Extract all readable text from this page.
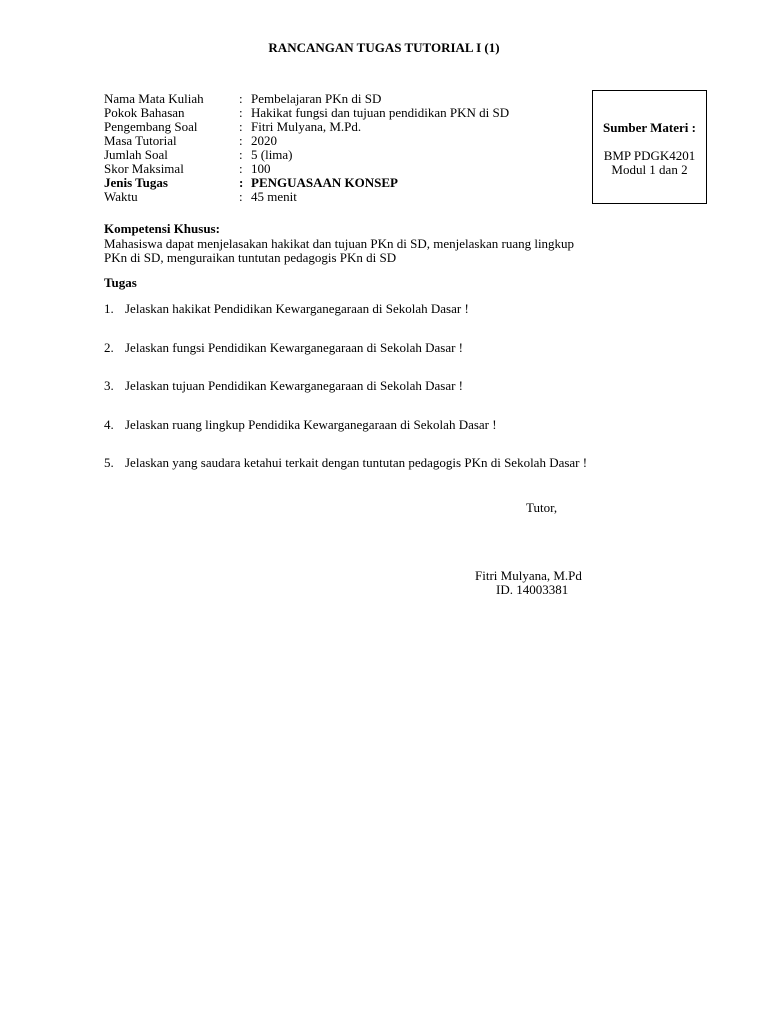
RANCANGAN TUGAS TUTORIAL I (1)
Nama Mata Kuliah	: Pembelajaran PKn di SD
Pokok Bahasan	: Hakikat fungsi dan tujuan pendidikan PKN di SD
Pengembang Soal	: Fitri Mulyana, M.Pd.
Masa Tutorial	: 2020
Jumlah Soal	: 5 (lima)
Skor Maksimal	: 100
Jenis Tugas	: PENGUASAAN KONSEP
Waktu	: 45 menit
Sumber Materi :
BMP PDGK4201
Modul 1 dan 2
Kompetensi Khusus:
Mahasiswa dapat menjelasakan hakikat dan tujuan PKn di SD, menjelaskan ruang lingkup
PKn di SD, menguraikan tuntutan pedagogis PKn di SD
Tugas
1. Jelaskan hakikat Pendidikan Kewarganegaraan di Sekolah Dasar !
2. Jelaskan fungsi Pendidikan Kewarganegaraan di Sekolah Dasar !
3. Jelaskan tujuan Pendidikan Kewarganegaraan di Sekolah Dasar !
4. Jelaskan ruang lingkup Pendidika Kewarganegaraan di Sekolah Dasar !
5. Jelaskan yang saudara ketahui terkait dengan tuntutan pedagogis PKn di Sekolah Dasar !
Tutor,
Fitri Mulyana, M.Pd
ID. 14003381
